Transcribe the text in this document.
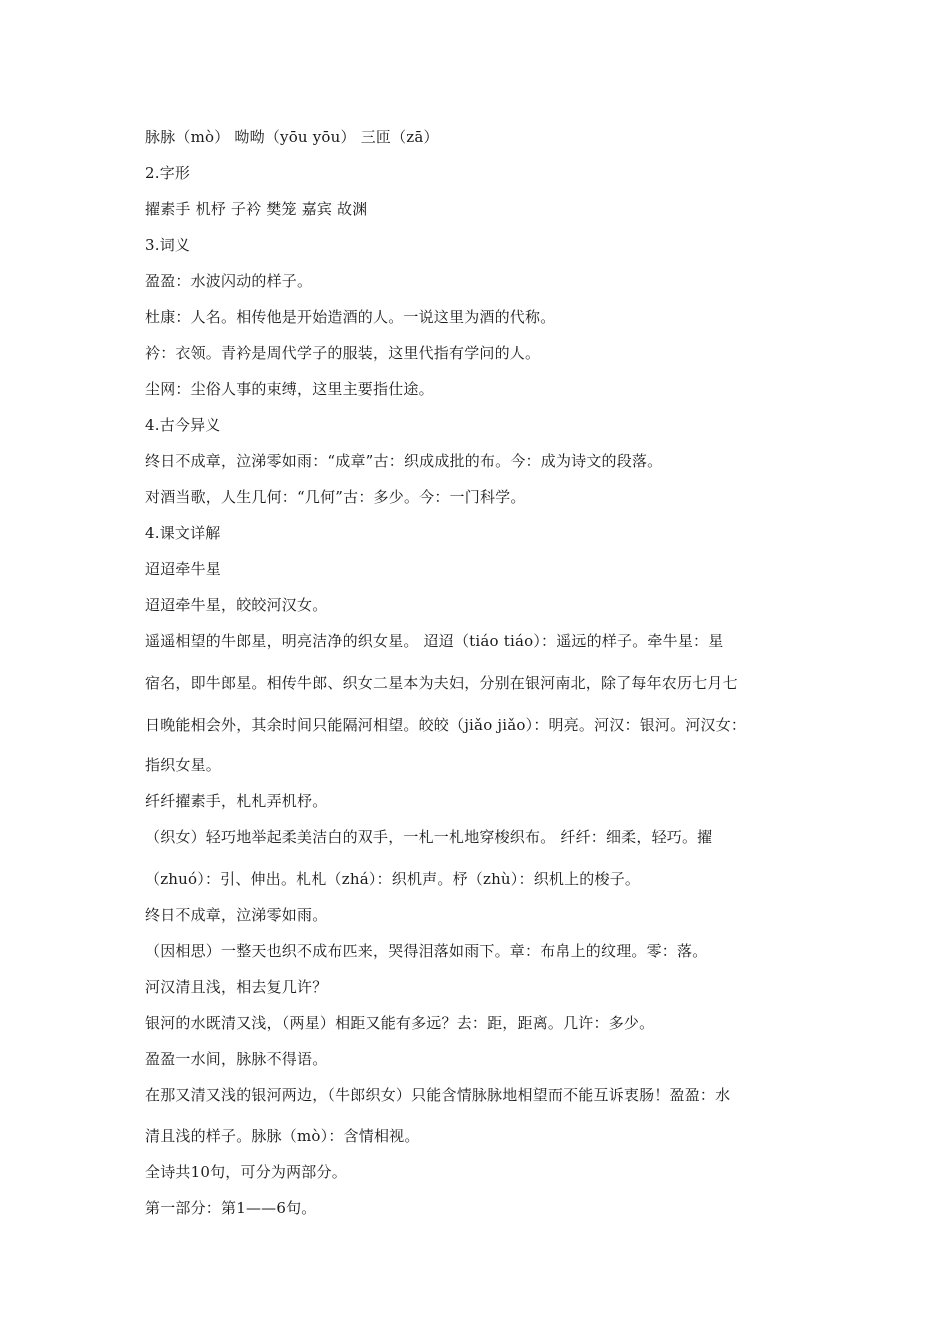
脉脉（mò） 呦呦（yōu yōu） 三匝（zā）
2.字形
擢素手 机杼 子衿 樊笼 嘉宾 故渊
3.词义
盈盈：水波闪动的样子。
杜康：人名。相传他是开始造酒的人。一说这里为酒的代称。
衿：衣领。青衿是周代学子的服装，这里代指有学问的人。
尘网：尘俗人事的束缚，这里主要指仕途。
4.古今异义
终日不成章，泣涕零如雨：“成章”古：织成成批的布。今：成为诗文的段落。
对酒当歌，人生几何：“几何”古：多少。今：一门科学。
4.课文详解
迢迢牵牛星
迢迢牵牛星，皎皎河汉女。
遥遥相望的牛郎星，明亮洁净的织女星。 迢迢（tiáo tiáo）：遥远的样子。牵牛星：星
宿名，即牛郎星。相传牛郎、织女二星本为夫妇，分别在银河南北，除了每年农历七月七
日晚能相会外，其余时间只能隔河相望。皎皎（jiǎo jiǎo）：明亮。河汉：银河。河汉女：
指织女星。
纤纤擢素手，札札弄机杼。
（织女）轻巧地举起柔美洁白的双手，一札一札地穿梭织布。 纤纤：细柔，轻巧。擢
（zhuó）：引、伸出。札札（zhá）：织机声。杼（zhù）：织机上的梭子。
终日不成章，泣涕零如雨。
（因相思）一整天也织不成布匹来，哭得泪落如雨下。章：布帛上的纹理。零：落。
河汉清且浅，相去复几许？
银河的水既清又浅，（两星）相距又能有多远？去：距，距离。几许：多少。
盈盈一水间，脉脉不得语。
在那又清又浅的银河两边，（牛郎织女）只能含情脉脉地相望而不能互诉衷肠！盈盈：水
清且浅的样子。脉脉（mò）：含情相视。
全诗共10句，可分为两部分。
第一部分：第1——6句。
